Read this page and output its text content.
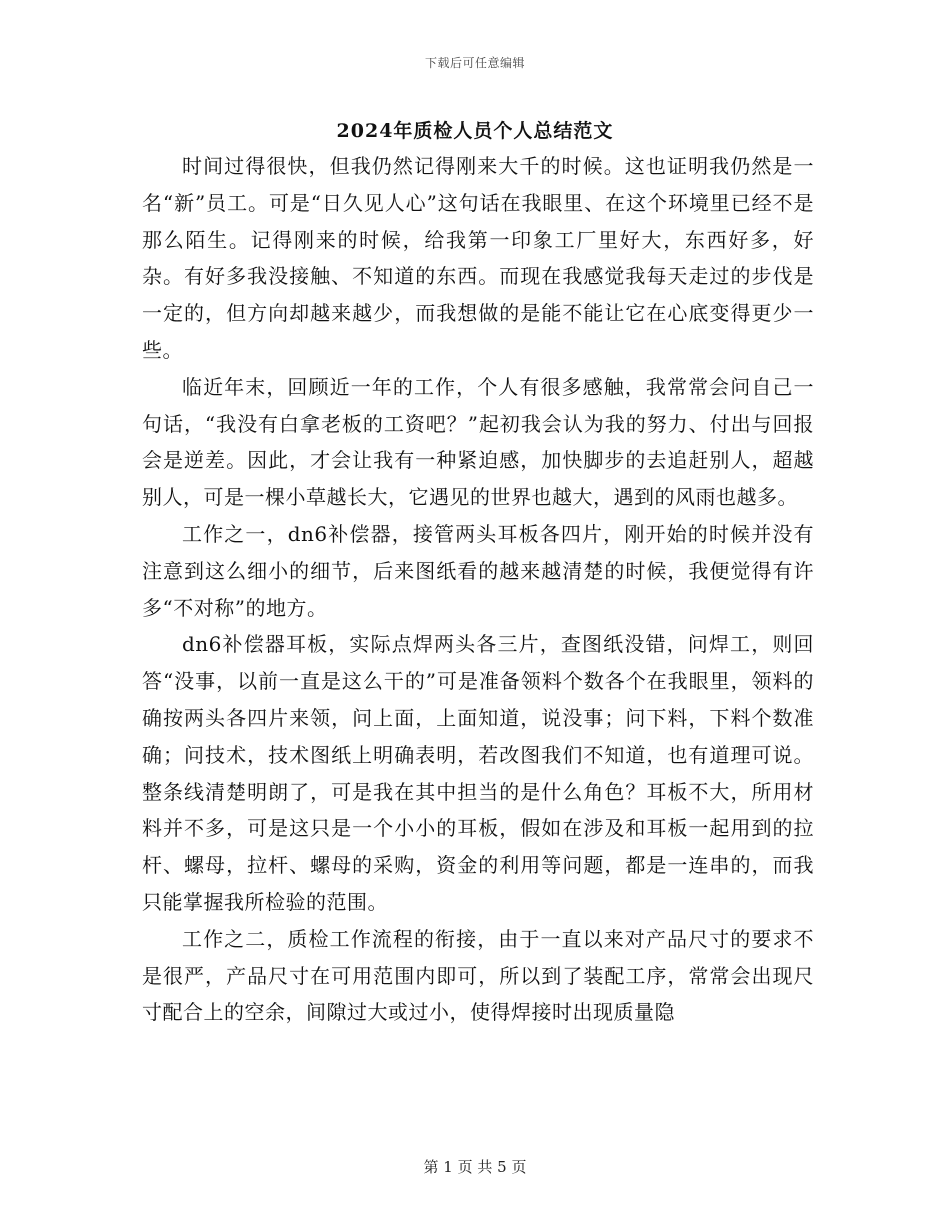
下载后可任意编辑
2024年质检人员个人总结范文

时间过得很快，但我仍然记得刚来大千的时候。这也证明我仍然是一名“新”员工。可是“日久见人心”这句话在我眼里、在这个环境里已经不是那么陌生。记得刚来的时候，给我第一印象工厂里好大，东西好多，好杂。有好多我没接触、不知道的东西。而现在我感觉我每天走过的步伐是一定的，但方向却越来越少，而我想做的是能不能让它在心底变得更少一些。

临近年末，回顾近一年的工作，个人有很多感触，我常常会问自己一句话，“我没有白拿老板的工资吧？”起初我会认为我的努力、付出与回报会是逆差。因此，才会让我有一种紧迫感，加快脚步的去追赶别人，超越别人，可是一棵小草越长大，它遇见的世界也越大，遇到的风雨也越多。

工作之一，dn6补偿器，接管两头耳板各四片，刚开始的时候并没有注意到这么细小的细节，后来图纸看的越来越清楚的时候，我便觉得有许多“不对称”的地方。

dn6补偿器耳板，实际点焊两头各三片，查图纸没错，问焊工，则回答“没事，以前一直是这么干的”可是准备领料个数各个在我眼里，领料的确按两头各四片来领，问上面，上面知道，说没事；问下料，下料个数准确；问技术，技术图纸上明确表明，若改图我们不知道，也有道理可说。整条线清楚明朗了，可是我在其中担当的是什么角色？耳板不大，所用材料并不多，可是这只是一个小小的耳板，假如在涉及和耳板一起用到的拉杆、螺母，拉杆、螺母的采购，资金的利用等问题，都是一连串的，而我只能掌握我所检验的范围。

工作之二，质检工作流程的衔接，由于一直以来对产品尺寸的要求不是很严，产品尺寸在可用范围内即可，所以到了装配工序，常常会出现尺寸配合上的空余，间隙过大或过小，使得焊接时出现质量隐

第 1 页 共 5 页
